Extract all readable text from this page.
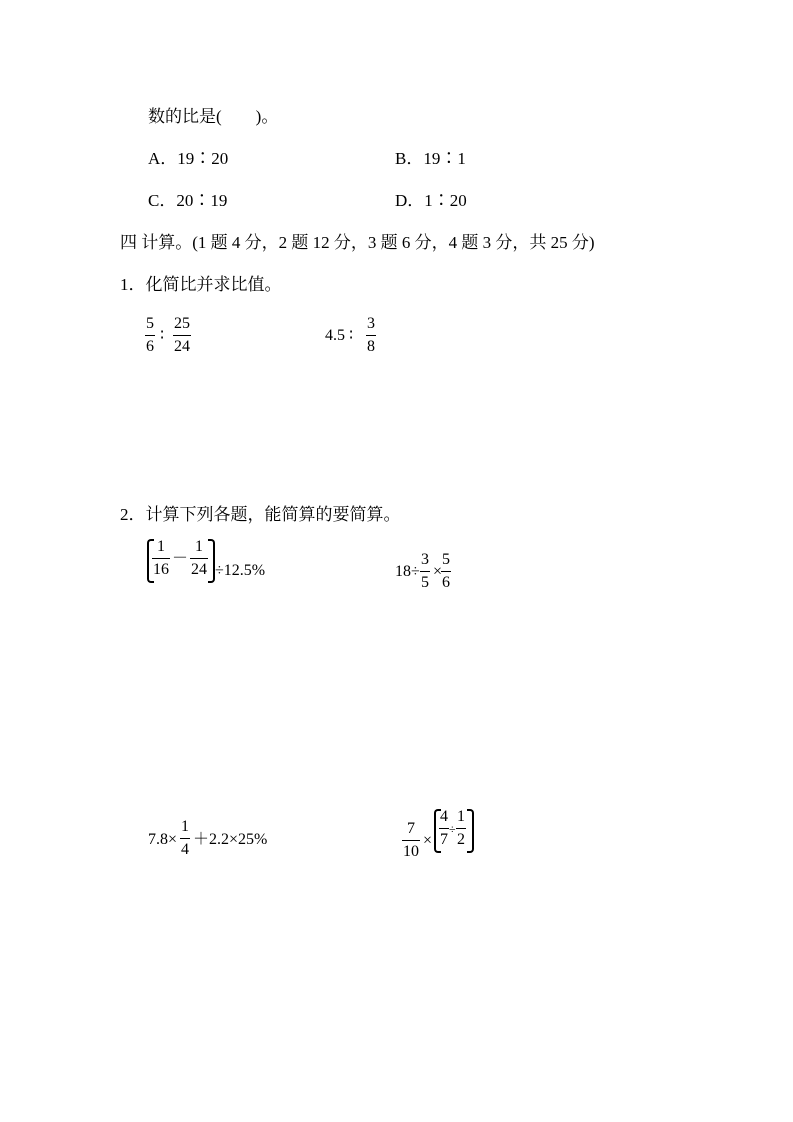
数的比是(　　)。
A．19∶20	B．19∶1
C．20∶19	D．1∶20
四 计算。(1 题 4 分，2 题 12 分，3 题 6 分，4 题 3 分，共 25 分)
1．化简比并求比值。
5
6
∶
25
24
4.5 ∶
3
8
2．计算下列各题，能简算的要简算。
1
16
－
1
24 ÷12.5%	18÷
3
5
×
5
6
7.8×
1
4
＋2.2×25%
7
10
×
4
7
÷
1
2
